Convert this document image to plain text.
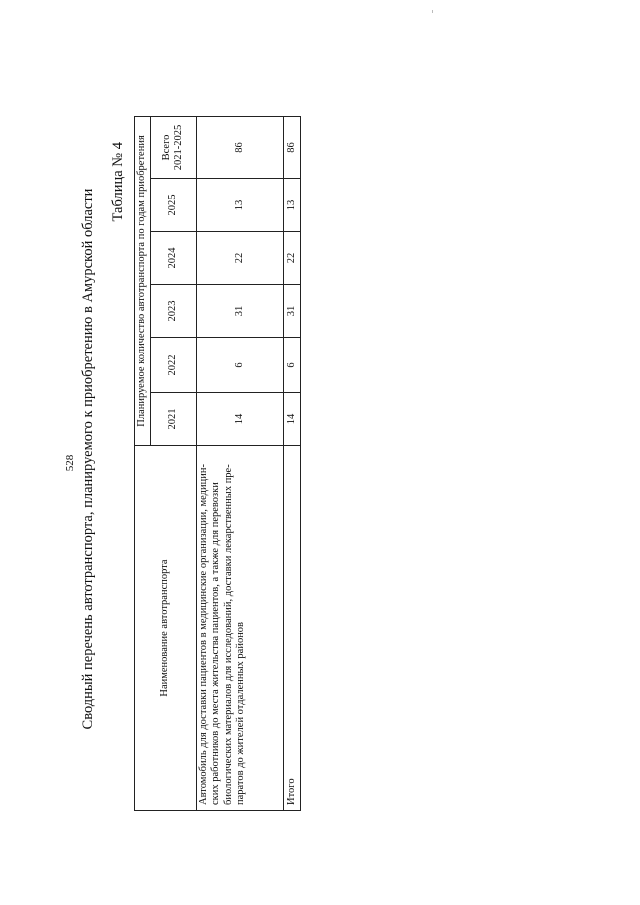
528 Сводный перечень автотранспорта, планируемого к приобретению в Амурской области
Таблица № 4
Наименование автотранспорта	Планируемое количество автотранспорта по годам приобретения					
	2021	2022	2023	2024	2025	Всего 2021-2025

Автомобиль для доставки пациентов в медицинские организации, медицин- ских работников до места жительства пациентов, а также для перевозки биологических материалов для исследований, доставки лекарственных пре- паратов до жителей отдаленных районов	14	6	31	22	13	86
Итого	14	6	31	22	13	86
